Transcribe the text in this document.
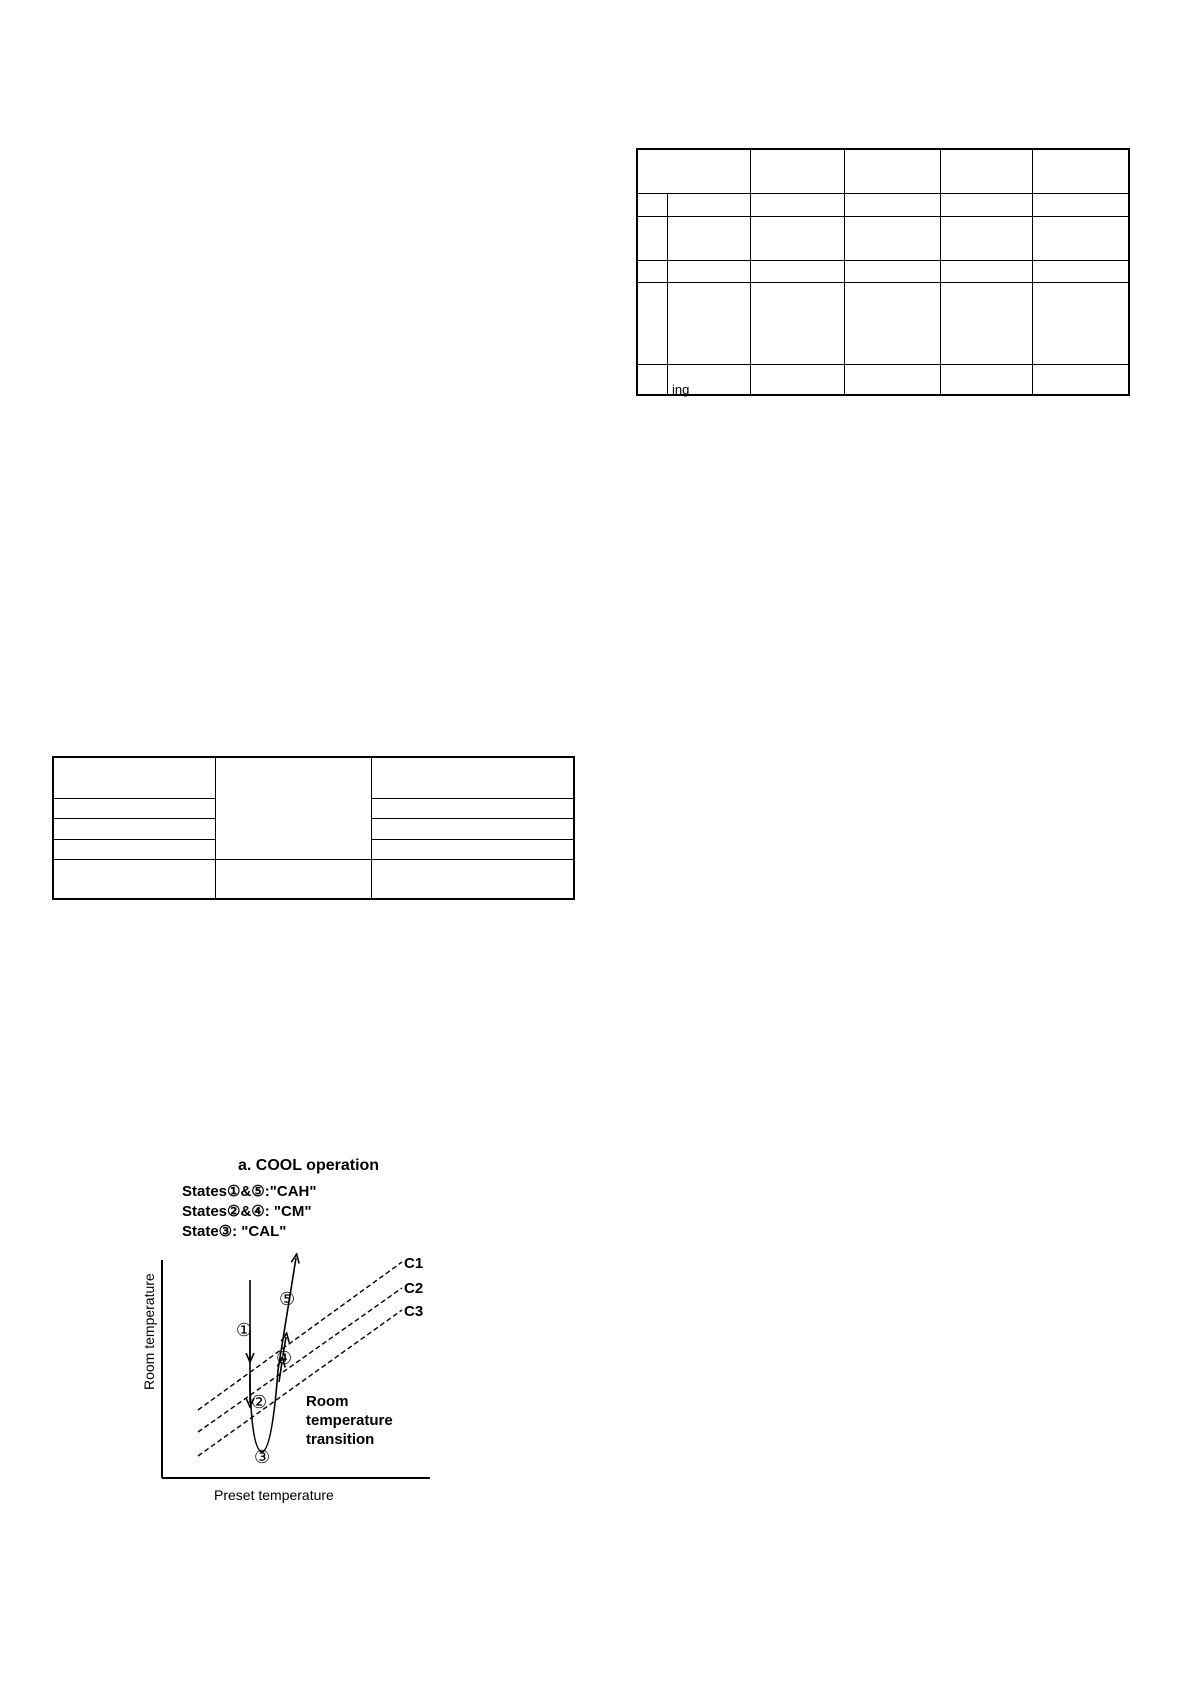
ing
a. COOL operation
States①&⑤:"CAH"
States②&④: "CM"
State③: "CAL"
Room temperature
Preset temperature
C1
C2
C3
①
②
③
④
⑤
Room
temperature
transition
